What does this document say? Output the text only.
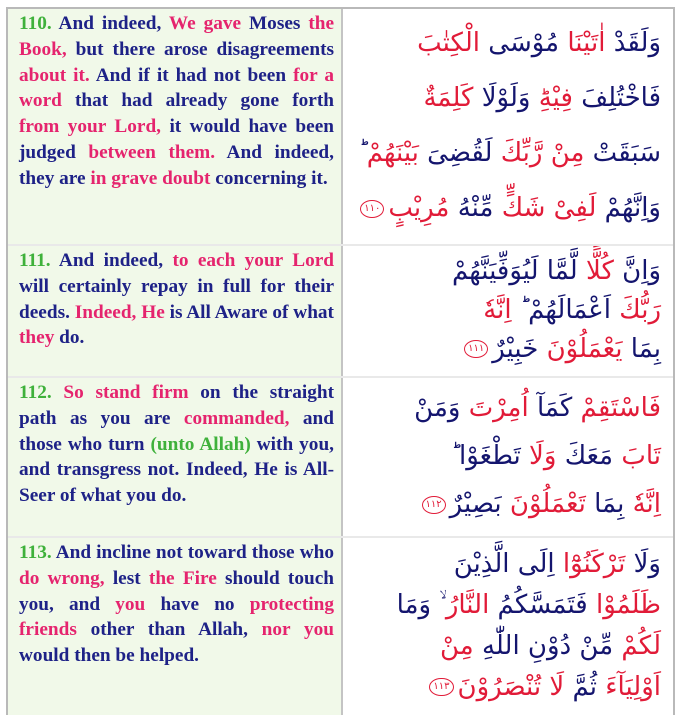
110. And indeed, We gave Moses the Book, but there arose disagreements about it. And if it had not been for a word that had already gone forth from your Lord, it would have been judged between them. And indeed, they are in grave doubt concerning it.

وَلَقَدْ اٰتَيْنَا مُوْسَى الْكِتٰبَ
فَاخْتُلِفَ فِيْهِؕ وَلَوْلَا كَلِمَةٌ
سَبَقَتْ مِنْ رَّبِّكَ لَقُضِىَ بَيْنَهُمْ ؕ
وَاِنَّهُمْ لَفِىْ شَكٍّ مِّنْهُ مُرِيْبٍ١١٠

111. And indeed, to each your Lord will certainly repay in full for their deeds. Indeed, He is All Aware of what they do.

وَاِنَّ كُلًّا لَّمَّا لَيُوَفِّيَنَّهُمْ
رَبُّكَ اَعْمَالَهُمْ ؕ اِنَّهٗ
بِمَا يَعْمَلُوْنَ خَبِيْرٌ١١١

112. So stand firm on the straight path as you are commanded, and those who turn (unto Allah) with you, and transgress not. Indeed, He is All-Seer of what you do.

فَاسْتَقِمْ كَمَآ اُمِرْتَ وَمَنْ
تَابَ مَعَكَ وَلَا تَطْغَوْا ؕ
اِنَّهٗ بِمَا تَعْمَلُوْنَ بَصِيْرٌ١١٢

113. And incline not toward those who do wrong, lest the Fire should touch you, and you have no protecting friends other than Allah, nor you would then be helped.

وَلَا تَرْكَنُوْٓا اِلَى الَّذِيْنَ
ظَلَمُوْا فَتَمَسَّكُمُ النَّارُ ۙ وَمَا
لَكُمْ مِّنْ دُوْنِ اللّٰهِ مِنْ
اَوْلِيَآءَ ثُمَّ لَا تُنْصَرُوْنَ١١٣
